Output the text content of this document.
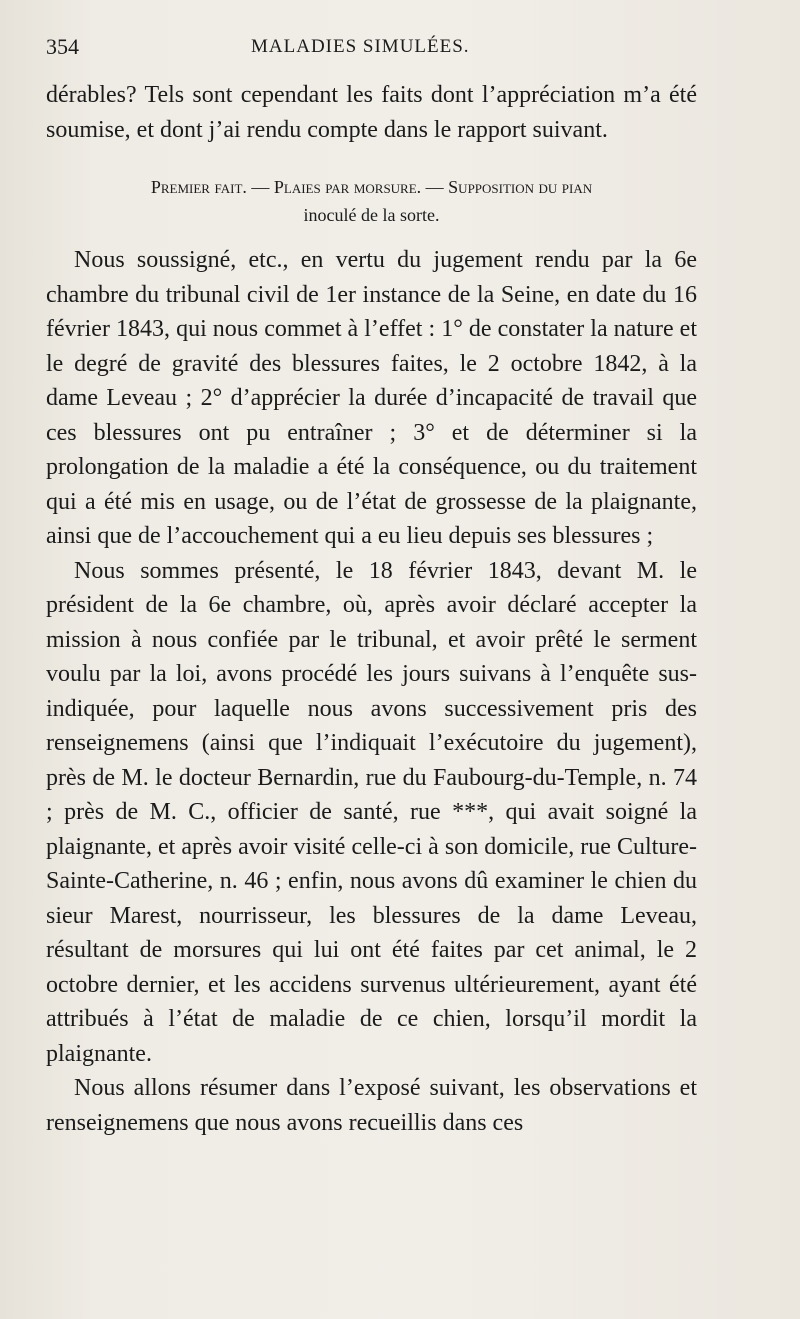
354	MALADIES SIMULÉES.

dérables? Tels sont cependant les faits dont l’appréciation m’a été soumise, et dont j’ai rendu compte dans le rapport suivant.

Premier fait. — Plaies par morsure. — Supposition du pian
inoculé de la sorte.

Nous soussigné, etc., en vertu du jugement rendu par la 6e chambre du tribunal civil de 1er instance de la Seine, en date du 16 février 1843, qui nous commet à l’effet : 1° de constater la nature et le degré de gravité des blessures faites, le 2 octobre 1842, à la dame Leveau ; 2° d’apprécier la durée d’incapacité de travail que ces blessures ont pu entraîner ; 3° et de déterminer si la prolongation de la maladie a été la conséquence, ou du traitement qui a été mis en usage, ou de l’état de grossesse de la plaignante, ainsi que de l’accouchement qui a eu lieu depuis ses blessures ;

Nous sommes présenté, le 18 février 1843, devant M. le président de la 6e chambre, où, après avoir déclaré accepter la mission à nous confiée par le tribunal, et avoir prêté le serment voulu par la loi, avons procédé les jours suivans à l’enquête sus-indiquée, pour laquelle nous avons successivement pris des renseignemens (ainsi que l’indiquait l’exécutoire du jugement), près de M. le docteur Bernardin, rue du Faubourg-du-Temple, n. 74 ; près de M. C., officier de santé, rue ***, qui avait soigné la plaignante, et après avoir visité celle-ci à son domicile, rue Culture-Sainte-Catherine, n. 46 ; enfin, nous avons dû examiner le chien du sieur Marest, nourrisseur, les blessures de la dame Leveau, résultant de morsures qui lui ont été faites par cet animal, le 2 octobre dernier, et les accidens survenus ultérieurement, ayant été attribués à l’état de maladie de ce chien, lorsqu’il mordit la plaignante.

Nous allons résumer dans l’exposé suivant, les observations et renseignemens que nous avons recueillis dans ces
